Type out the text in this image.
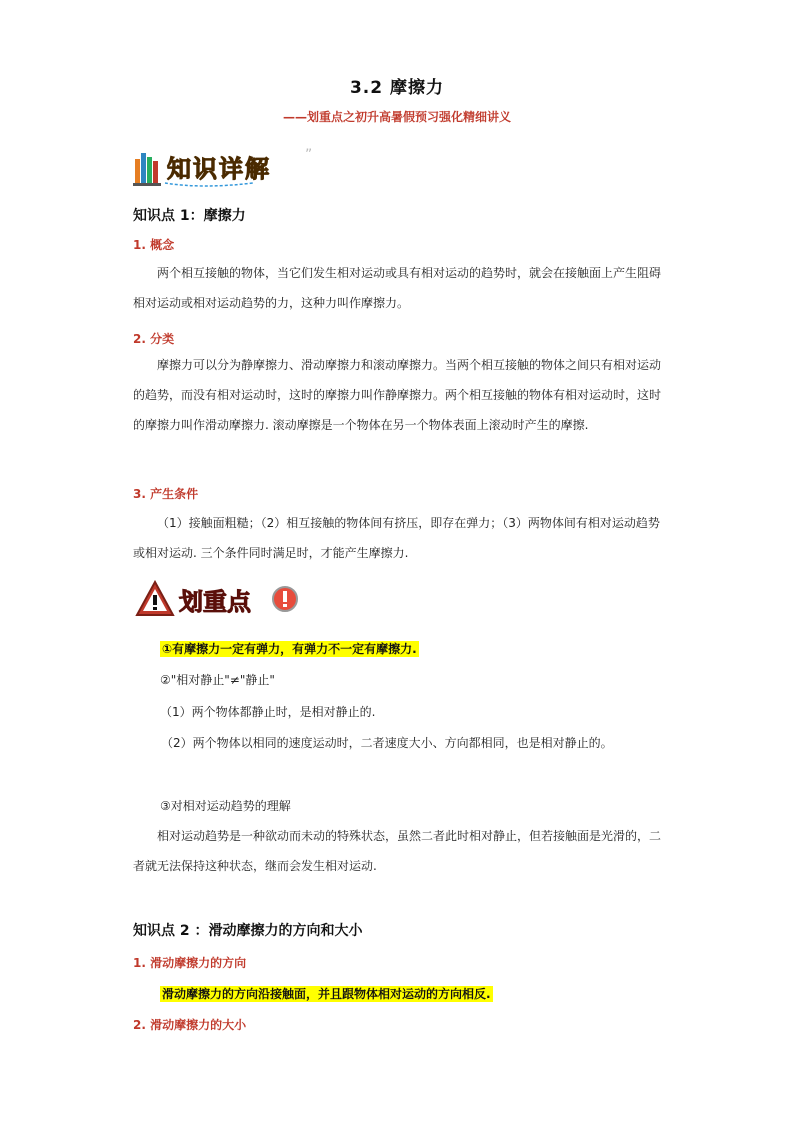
3.2 摩擦力
——划重点之初升高暑假预习强化精细讲义
”
知识详解
知识点 1：摩擦力
1. 概念

两个相互接触的物体，当它们发生相对运动或具有相对运动的趋势时，就会在接触面上产生阻碍相对运动或相对运动趋势的力，这种力叫作摩擦力。

2. 分类

摩擦力可以分为静摩擦力、滑动摩擦力和滚动摩擦力。当两个相互接触的物体之间只有相对运动的趋势，而没有相对运动时，这时的摩擦力叫作静摩擦力。两个相互接触的物体有相对运动时，这时的摩擦力叫作滑动摩擦力. 滚动摩擦是一个物体在另一个物体表面上滚动时产生的摩擦.

3. 产生条件

（1）接触面粗糙；（2）相互接触的物体间有挤压，即存在弹力；（3）两物体间有相对运动趋势或相对运动. 三个条件同时满足时，才能产生摩擦力.

划重点
①有摩擦力一定有弹力，有弹力不一定有摩擦力.
②"相对静止"≠"静止"
（1）两个物体都静止时，是相对静止的.

（2）两个物体以相同的速度运动时，二者速度大小、方向都相同，也是相对静止的。

③对相对运动趋势的理解

相对运动趋势是一种欲动而未动的特殊状态，虽然二者此时相对静止，但若接触面是光滑的，二者就无法保持这种状态，继而会发生相对运动.

知识点 2 ：滑动摩擦力的方向和大小
1. 滑动摩擦力的方向
滑动摩擦力的方向沿接触面，并且跟物体相对运动的方向相反.
2. 滑动摩擦力的大小
